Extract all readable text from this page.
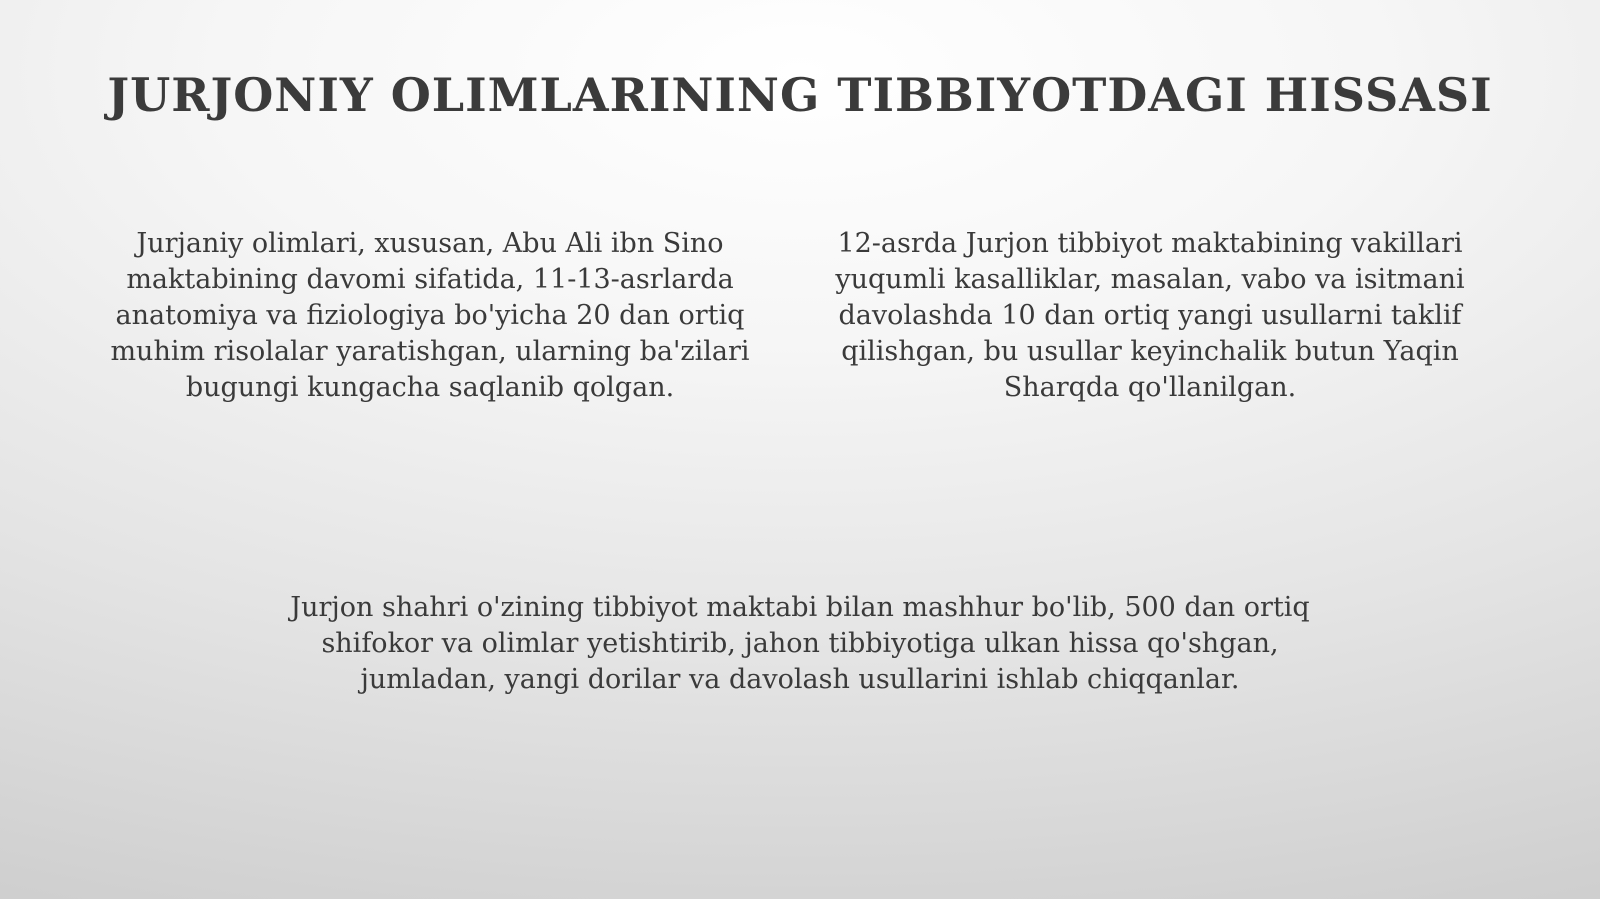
JURJONIY OLIMLARINING TIBBIYOTDAGI HISSASI

Jurjaniy olimlari, xususan, Abu Ali ibn Sino maktabining davomi sifatida, 11-13-asrlarda anatomiya va fiziologiya bo'yicha 20 dan ortiq muhim risolalar yaratishgan, ularning ba'zilari bugungi kungacha saqlanib qolgan.

12-asrda Jurjon tibbiyot maktabining vakillari yuqumli kasalliklar, masalan, vabo va isitmani davolashda 10 dan ortiq yangi usullarni taklif qilishgan, bu usullar keyinchalik butun Yaqin Sharqda qo'llanilgan.

Jurjon shahri o'zining tibbiyot maktabi bilan mashhur bo'lib, 500 dan ortiq shifokor va olimlar yetishtirib, jahon tibbiyotiga ulkan hissa qo'shgan, jumladan, yangi dorilar va davolash usullarini ishlab chiqqanlar.
